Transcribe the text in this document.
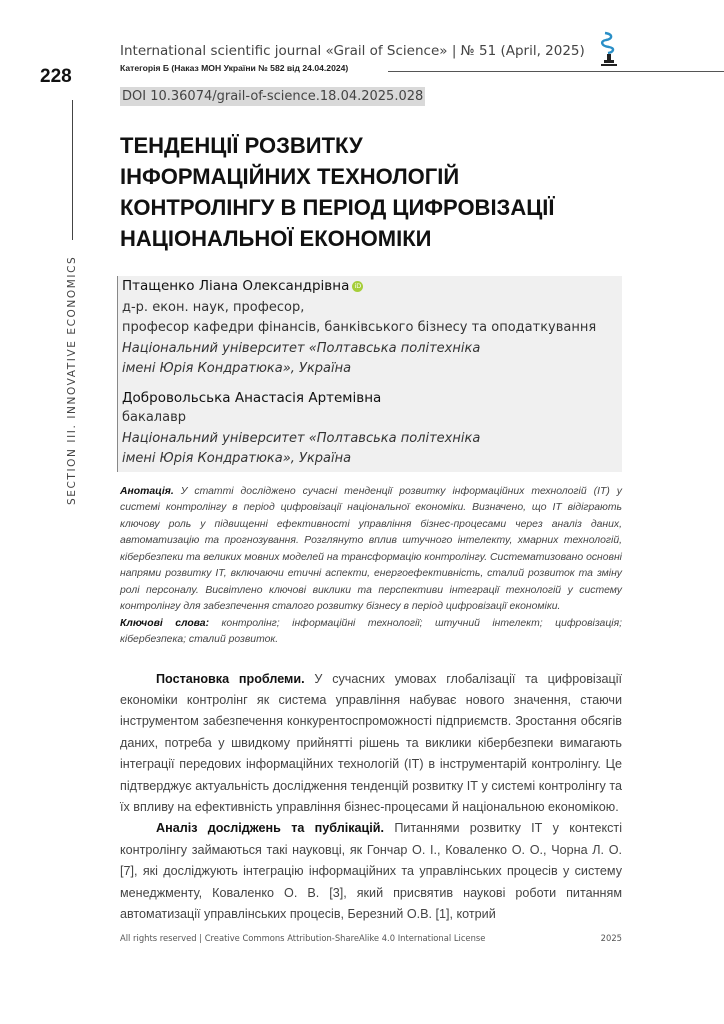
228
SECTION III. INNOVATIVE ECONOMICS
International scientific journal «Grail of Science» | № 51 (April, 2025)
Категорія Б (Наказ МОН України № 582 від 24.04.2024)
DOI 10.36074/grail-of-science.18.04.2025.028
ТЕНДЕНЦІЇ РОЗВИТКУ
ІНФОРМАЦІЙНИХ ТЕХНОЛОГІЙ
КОНТРОЛІНГУ В ПЕРІОД ЦИФРОВІЗАЦІЇ
НАЦІОНАЛЬНОЇ ЕКОНОМІКИ
Птащенко Ліана Олександрівна iD
д-р. екон. наук, професор,
професор кафедри фінансів, банківського бізнесу та оподаткування
Національний університет «Полтавська політехніка
імені Юрія Кондратюка», Україна
Добровольська Анастасія Артемівна
бакалавр
Національний університет «Полтавська політехніка
імені Юрія Кондратюка», Україна
Анотація. У статті досліджено сучасні тенденції розвитку інформаційних технологій (ІТ) у системі контролінгу в період цифровізації національної економіки. Визначено, що ІТ відіграють ключову роль у підвищенні ефективності управління бізнес-процесами через аналіз даних, автоматизацію та прогнозування. Розглянуто вплив штучного інтелекту, хмарних технологій, кібербезпеки та великих мовних моделей на трансформацію контролінгу. Систематизовано основні напрями розвитку ІТ, включаючи етичні аспекти, енергоефективність, сталий розвиток та зміну ролі персоналу. Висвітлено ключові виклики та перспективи інтеграції технологій у систему контролінгу для забезпечення сталого розвитку бізнесу в період цифровізації економіки.
Ключові слова: контролінг; інформаційні технології; штучний інтелект; цифровізація; кібербезпека; сталий розвиток.

Постановка проблеми. У сучасних умовах глобалізації та цифровізації економіки контролінг як система управління набуває нового значення, стаючи інструментом забезпечення конкурентоспроможності підприємств. Зростання обсягів даних, потреба у швидкому прийнятті рішень та виклики кібербезпеки вимагають інтеграції передових інформаційних технологій (ІТ) в інструментарій контролінгу. Це підтверджує актуальність дослідження тенденцій розвитку ІТ у системі контролінгу та їх впливу на ефективність управління бізнес-процесами й національною економікою.

Аналіз досліджень та публікацій. Питаннями розвитку ІТ у контексті контролінгу займаються такі науковці, як Гончар О. І., Коваленко О. О., Чорна Л. О. [7], які досліджують інтеграцію інформаційних та управлінських процесів у систему менеджменту, Коваленко О. В. [3], який присвятив наукові роботи питанням автоматизації управлінських процесів, Березний О.В. [1], котрий

All rights reserved | Creative Commons Attribution-ShareAlike 4.0 International License	2025
